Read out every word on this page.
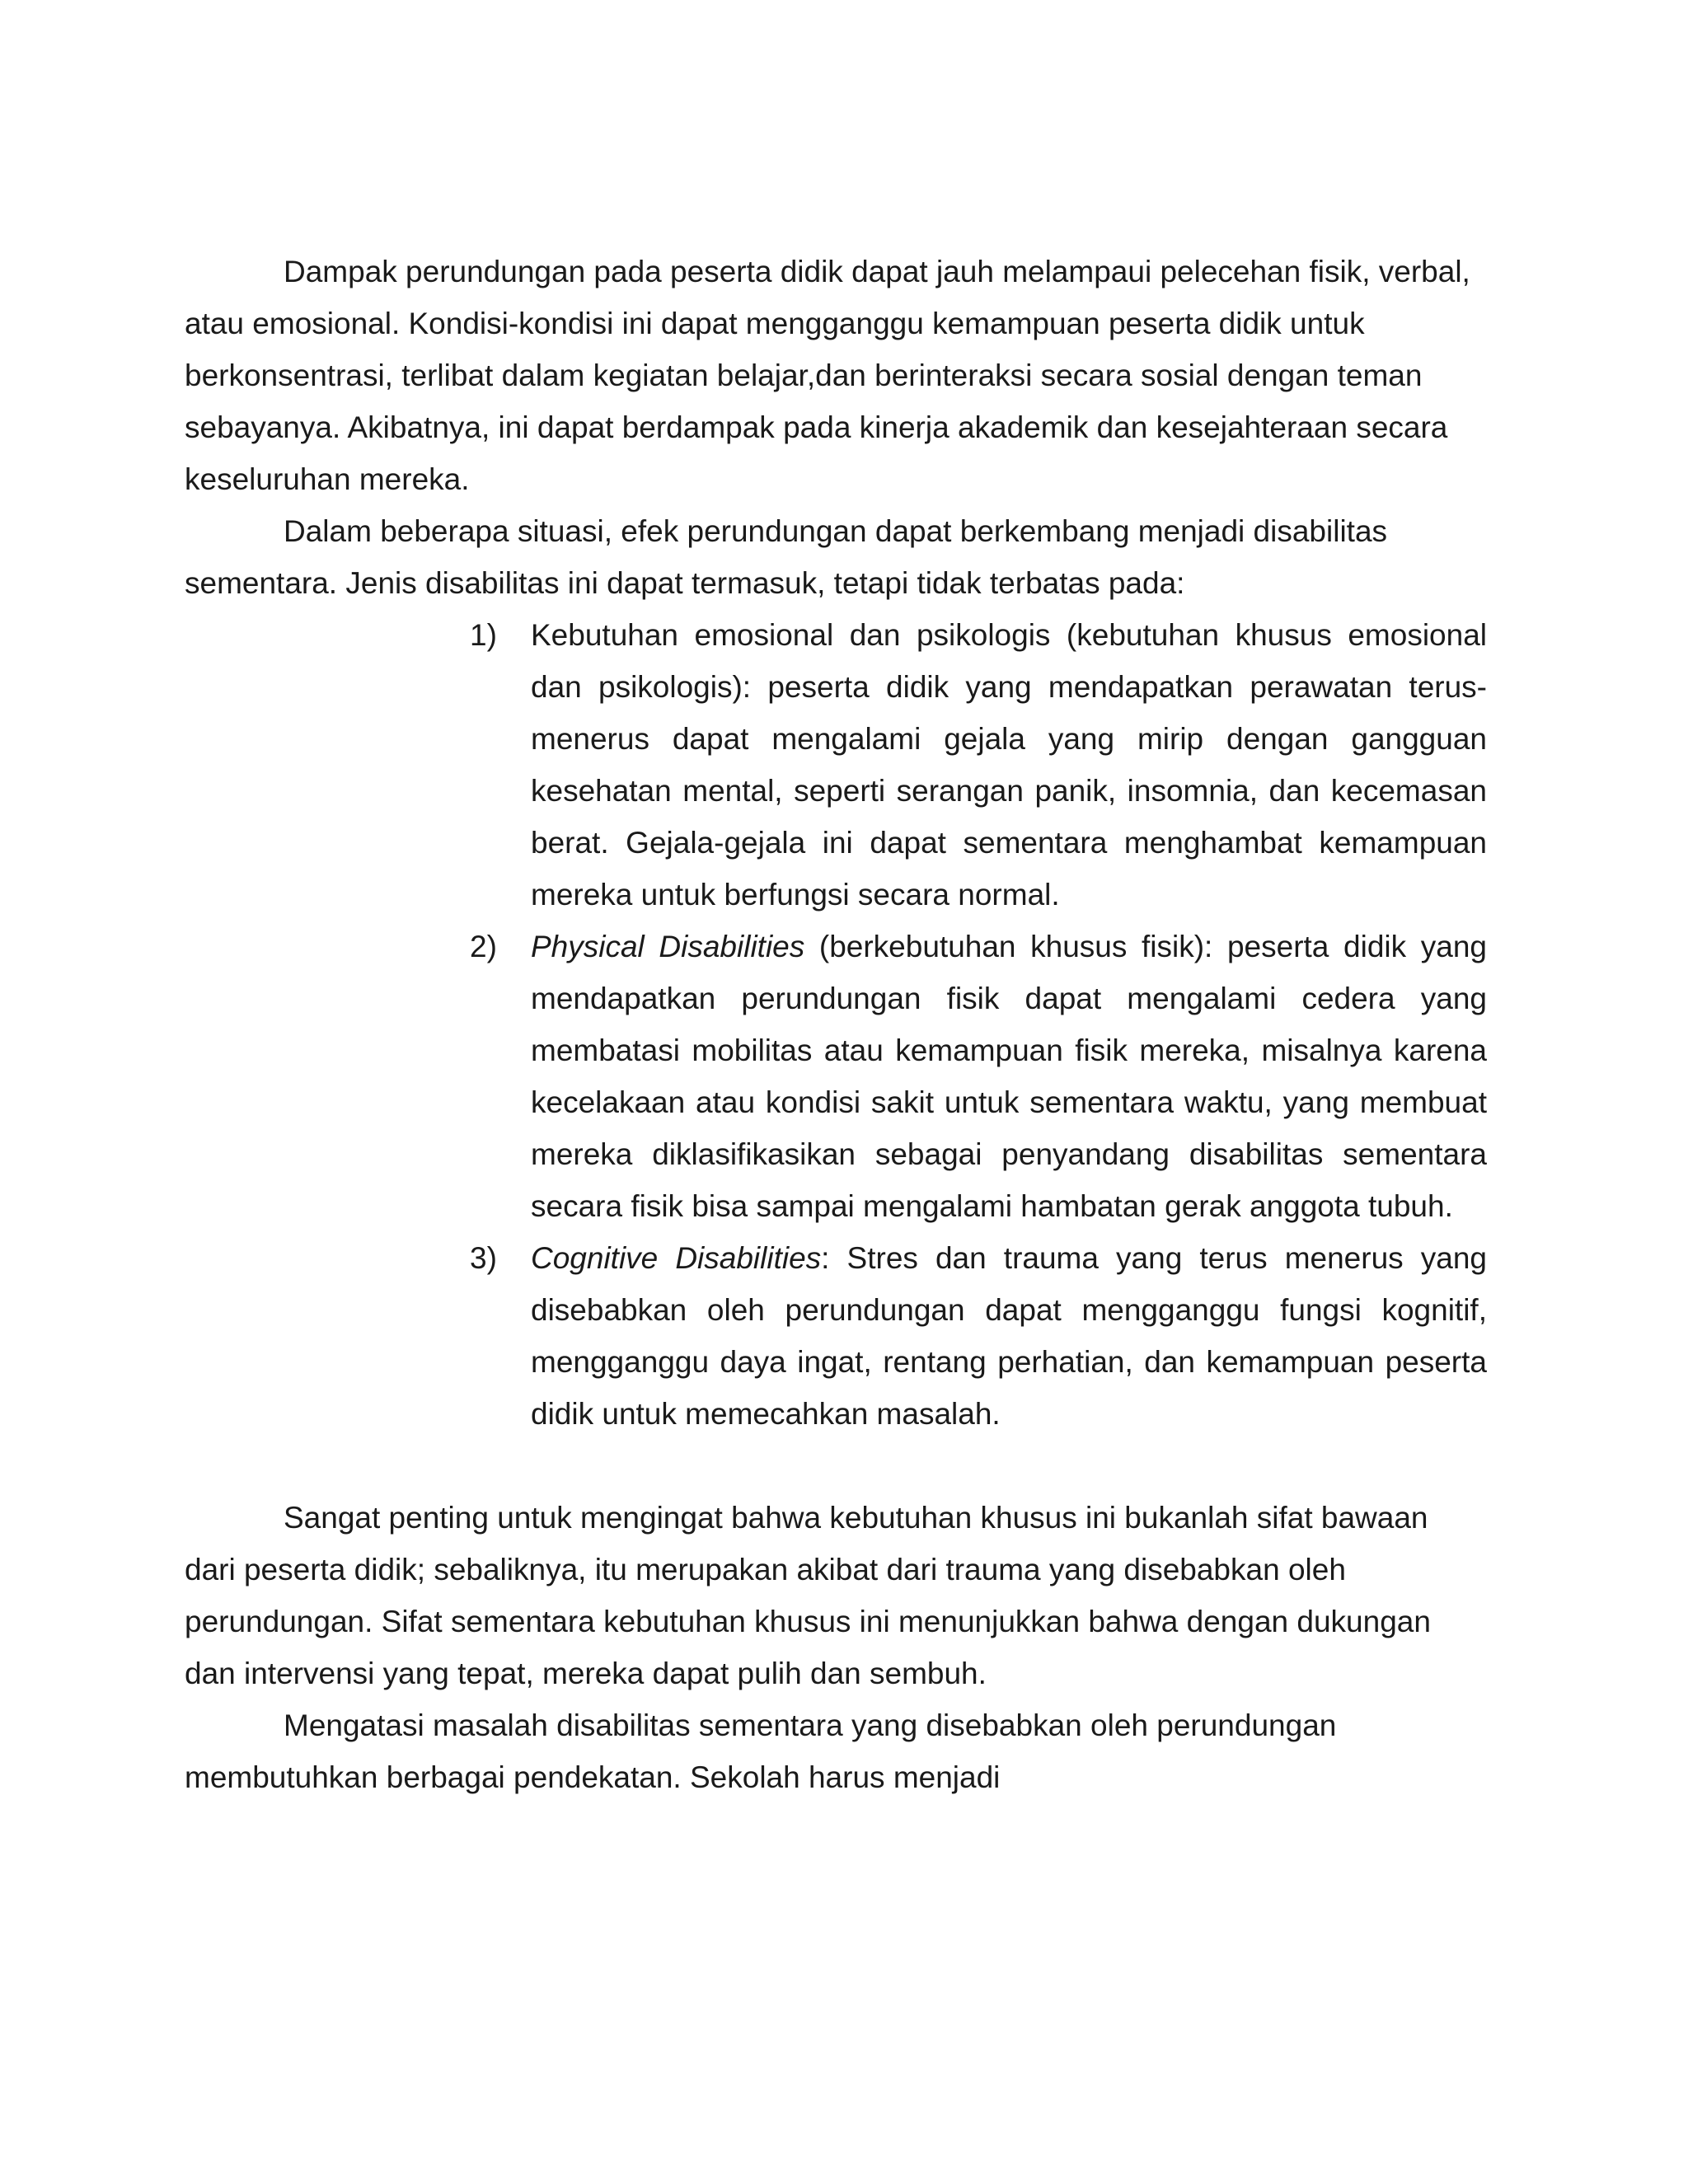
Dampak perundungan pada peserta didik dapat jauh melampaui pelecehan fisik, verbal, atau emosional. Kondisi-kondisi ini dapat mengganggu kemampuan peserta didik untuk berkonsentrasi, terlibat dalam kegiatan belajar,dan berinteraksi secara sosial dengan teman sebayanya. Akibatnya, ini dapat berdampak pada kinerja akademik dan kesejahteraan secara keseluruhan mereka.

Dalam beberapa situasi, efek perundungan dapat berkembang menjadi disabilitas sementara. Jenis disabilitas ini dapat termasuk, tetapi tidak terbatas pada:

1) Kebutuhan emosional dan psikologis (kebutuhan khusus emosional dan psikologis): peserta didik yang mendapatkan perawatan terus-menerus dapat mengalami gejala yang mirip dengan gangguan kesehatan mental, seperti serangan panik, insomnia, dan kecemasan berat. Gejala-gejala ini dapat sementara menghambat kemampuan mereka untuk berfungsi secara normal.
2) Physical Disabilities (berkebutuhan khusus fisik): peserta didik yang mendapatkan perundungan fisik dapat mengalami cedera yang membatasi mobilitas atau kemampuan fisik mereka, misalnya karena kecelakaan atau kondisi sakit untuk sementara waktu, yang membuat mereka diklasifikasikan sebagai penyandang disabilitas sementara secara fisik bisa sampai mengalami hambatan gerak anggota tubuh.
3) Cognitive Disabilities: Stres dan trauma yang terus menerus yang disebabkan oleh perundungan dapat mengganggu fungsi kognitif, mengganggu daya ingat, rentang perhatian, dan kemampuan peserta didik untuk memecahkan masalah.

Sangat penting untuk mengingat bahwa kebutuhan khusus ini bukanlah sifat bawaan dari peserta didik; sebaliknya, itu merupakan akibat dari trauma yang disebabkan oleh perundungan. Sifat sementara kebutuhan khusus ini menunjukkan bahwa dengan dukungan dan intervensi yang tepat, mereka dapat pulih dan sembuh.

Mengatasi masalah disabilitas sementara yang disebabkan oleh perundungan membutuhkan berbagai pendekatan. Sekolah harus menjadi
